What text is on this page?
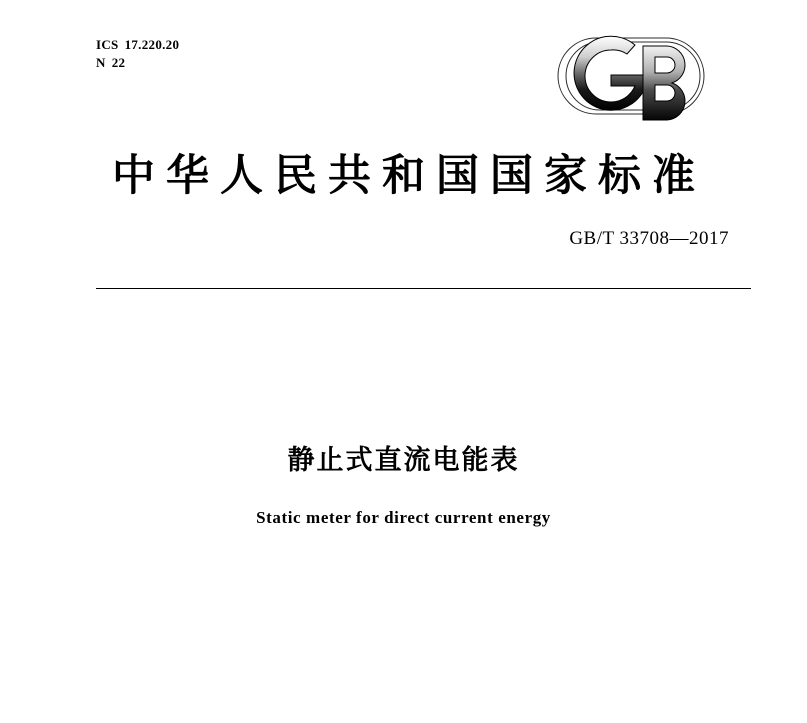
ICS 17.220.20
N 22
中华人民共和国国家标准
GB/T 33708—2017
静止式直流电能表
Static meter for direct current energy
